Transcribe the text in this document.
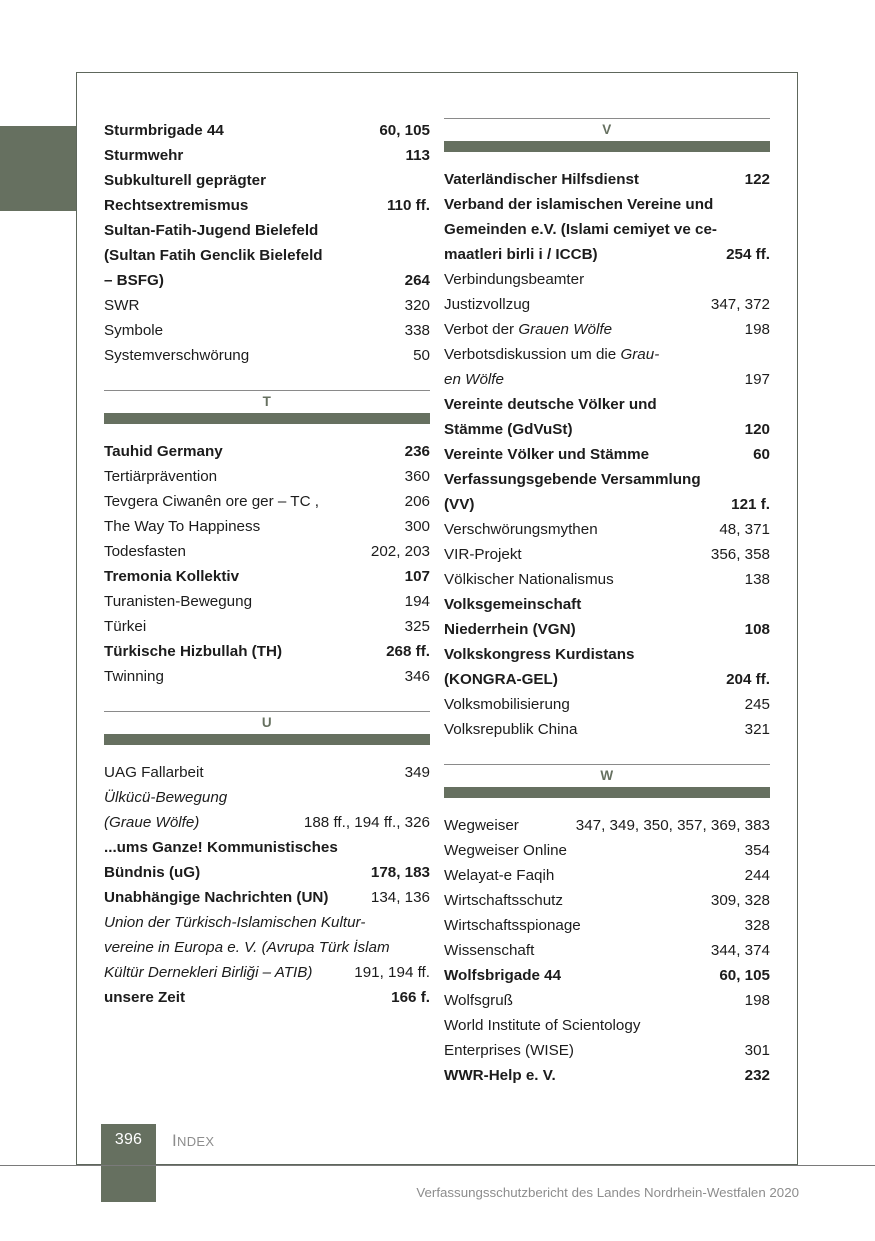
Sturmbrigade 44	60, 105
Sturmwehr	113
Subkulturell geprägter
Rechtsextremismus	110 ff.
Sultan-Fatih-Jugend Bielefeld
(Sultan Fatih Genclik Bielefeld
– BSFG)	264
SWR	320
Symbole	338
Systemverschwörung	50
T
Tauhid Germany	236
Tertiärprävention	360
Tevgera Ciwanên ore ger – TC ,	206
The Way To Happiness	300
Todesfasten	202, 203
Tremonia Kollektiv	107
Turanisten-Bewegung	194
Türkei	325
Türkische Hizbullah (TH)	268 ff.
Twinning	346
U
UAG Fallarbeit	349
Ülkücü-Bewegung
(Graue Wölfe)	188 ff., 194 ff., 326
...ums Ganze! Kommunistisches
Bündnis (uG)	178, 183
Unabhängige Nachrichten (UN)	134, 136
Union der Türkisch-Islamischen Kultur-
vereine in Europa e. V. (Avrupa Türk İslam
Kültür Dernekleri Birliği – ATIB)	191, 194 ff.
unsere Zeit	166 f.
V
Vaterländischer Hilfsdienst	122
Verband der islamischen Vereine und
Gemeinden e.V. (Islami cemiyet ve ce-
maatleri birli i / ICCB)	254 ff.
Verbindungsbeamter
Justizvollzug	347, 372
Verbot der Grauen Wölfe	198
Verbotsdiskussion um die Grau-
en Wölfe	197
Vereinte deutsche Völker und
Stämme (GdVuSt)	120
Vereinte Völker und Stämme	60
Verfassungsgebende Versammlung
(VV)	121 f.
Verschwörungsmythen	48, 371
VIR-Projekt	356, 358
Völkischer Nationalismus	138
Volksgemeinschaft
Niederrhein (VGN)	108
Volkskongress Kurdistans
(KONGRA-GEL)	204 ff.
Volksmobilisierung	245
Volksrepublik China	321
W
Wegweiser	347, 349, 350, 357, 369, 383
Wegweiser Online	354
Welayat-e Faqih	244
Wirtschaftsschutz	309, 328
Wirtschaftsspionage	328
Wissenschaft	344, 374
Wolfsbrigade 44	60, 105
Wolfsgruß	198
World Institute of Scientology
Enterprises (WISE)	301
WWR-Help e. V.	232
396	INDEX
Verfassungsschutzbericht des Landes Nordrhein-Westfalen 2020
